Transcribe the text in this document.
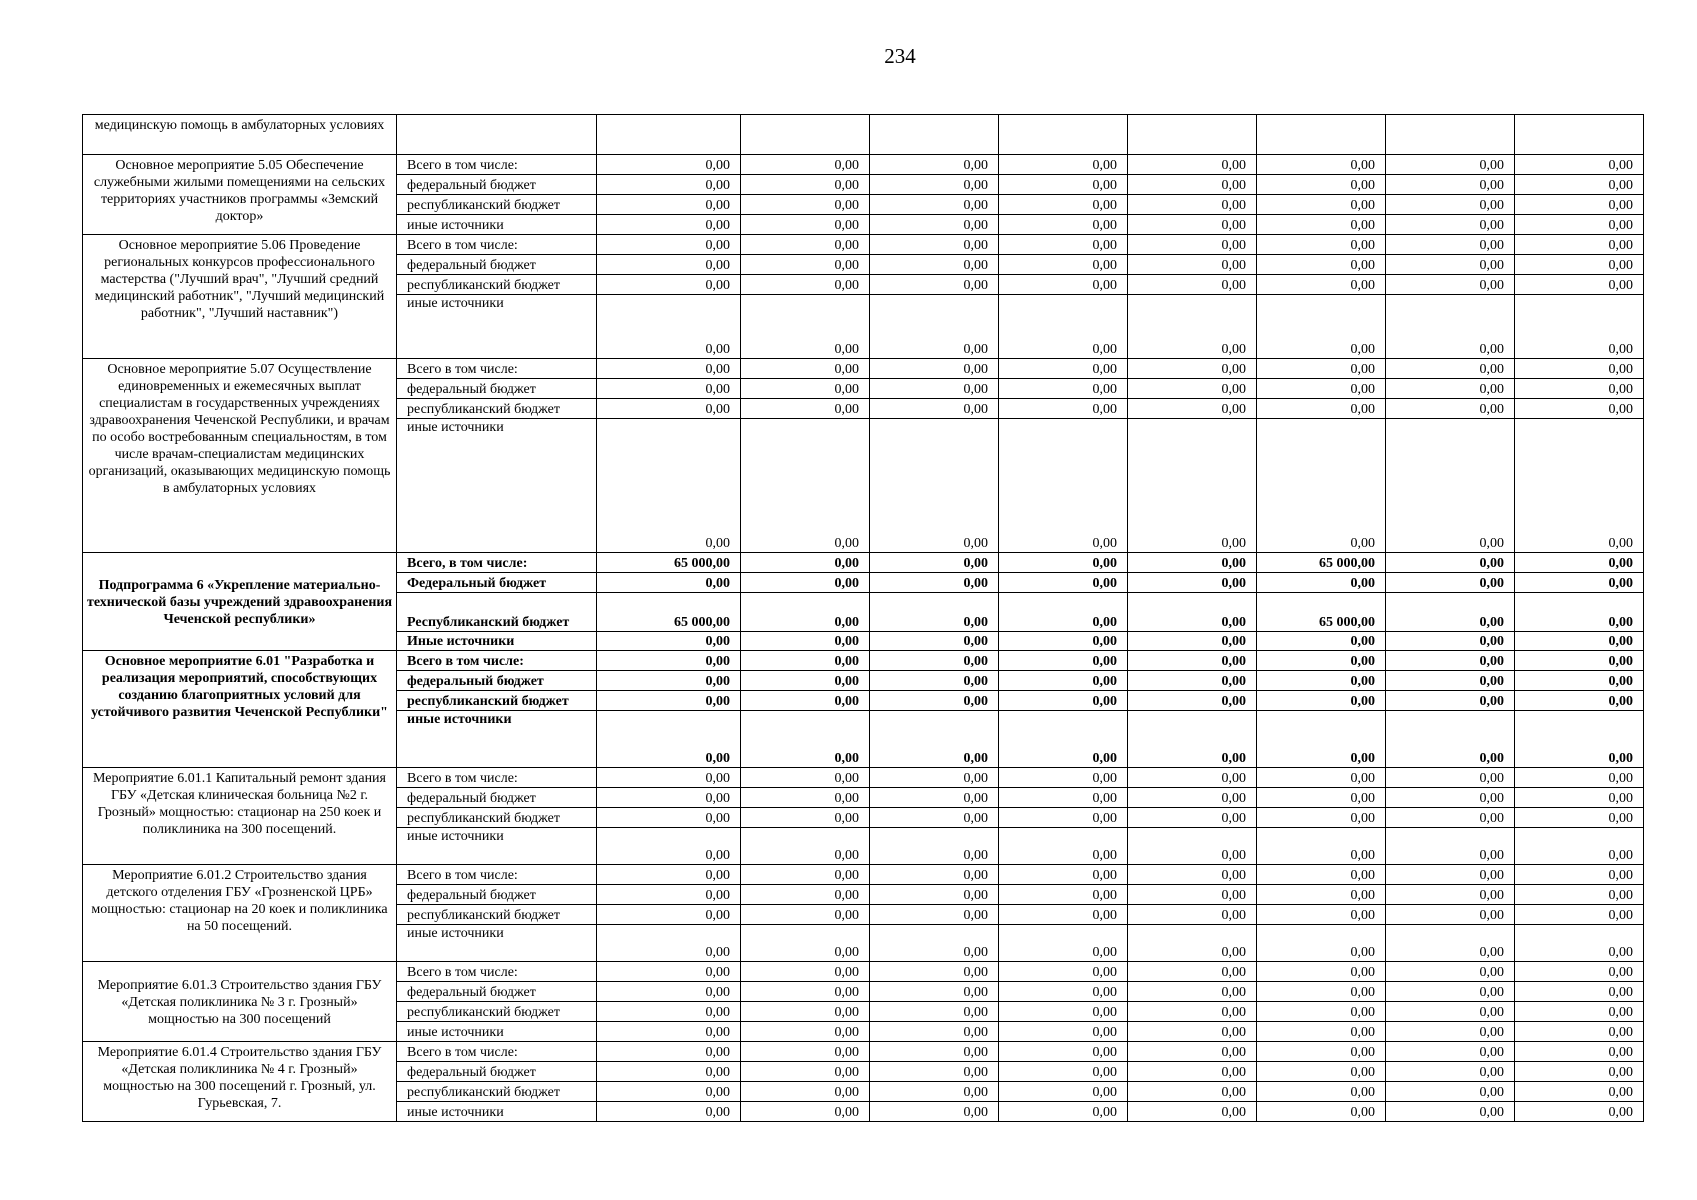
234
медицинскую помощь в амбулаторных условиях									
Основное мероприятие 5.05 Обеспечение служебными жилыми помещениями на сельских территориях участников программы «Земский доктор»	Всего в том числе:	0,00	0,00	0,00	0,00	0,00	0,00	0,00	0,00
	федеральный бюджет	0,00	0,00	0,00	0,00	0,00	0,00	0,00	0,00
	республиканский бюджет	0,00	0,00	0,00	0,00	0,00	0,00	0,00	0,00
	иные источники	0,00	0,00	0,00	0,00	0,00	0,00	0,00	0,00
Основное мероприятие 5.06 Проведение региональных конкурсов профессионального мастерства ("Лучший врач", "Лучший средний медицинский работник", "Лучший медицинский работник", "Лучший наставник")	Всего в том числе:	0,00	0,00	0,00	0,00	0,00	0,00	0,00	0,00
	федеральный бюджет	0,00	0,00	0,00	0,00	0,00	0,00	0,00	0,00
	республиканский бюджет	0,00	0,00	0,00	0,00	0,00	0,00	0,00	0,00
	иные источники	0,00	0,00	0,00	0,00	0,00	0,00	0,00	0,00
Основное мероприятие 5.07 Осуществление единовременных и ежемесячных выплат специалистам в государственных учреждениях здравоохранения Чеченской Республики, и врачам по особо востребованным специальностям, в том числе врачам-специалистам медицинских организаций, оказывающих медицинскую помощь в амбулаторных условиях	Всего в том числе:	0,00	0,00	0,00	0,00	0,00	0,00	0,00	0,00
	федеральный бюджет	0,00	0,00	0,00	0,00	0,00	0,00	0,00	0,00
	республиканский бюджет	0,00	0,00	0,00	0,00	0,00	0,00	0,00	0,00
	иные источники	0,00	0,00	0,00	0,00	0,00	0,00	0,00	0,00
Подпрограмма 6 «Укрепление материально-технической базы учреждений здравоохранения Чеченской республики»	Всего, в том числе:	65 000,00	0,00	0,00	0,00	0,00	65 000,00	0,00	0,00
	Федеральный бюджет	0,00	0,00	0,00	0,00	0,00	0,00	0,00	0,00
	Республиканский бюджет	65 000,00	0,00	0,00	0,00	0,00	65 000,00	0,00	0,00
	Иные источники	0,00	0,00	0,00	0,00	0,00	0,00	0,00	0,00
Основное мероприятие 6.01 "Разработка и реализация мероприятий, способствующих созданию благоприятных условий для устойчивого развития Чеченской Республики"	Всего в том числе:	0,00	0,00	0,00	0,00	0,00	0,00	0,00	0,00
	федеральный бюджет	0,00	0,00	0,00	0,00	0,00	0,00	0,00	0,00
	республиканский бюджет	0,00	0,00	0,00	0,00	0,00	0,00	0,00	0,00
	иные источники	0,00	0,00	0,00	0,00	0,00	0,00	0,00	0,00
Мероприятие 6.01.1 Капитальный ремонт здания ГБУ «Детская клиническая больница №2 г. Грозный» мощностью: стационар на 250 коек и поликлиника на 300 посещений.	Всего в том числе:	0,00	0,00	0,00	0,00	0,00	0,00	0,00	0,00
	федеральный бюджет	0,00	0,00	0,00	0,00	0,00	0,00	0,00	0,00
	республиканский бюджет	0,00	0,00	0,00	0,00	0,00	0,00	0,00	0,00
	иные источники	0,00	0,00	0,00	0,00	0,00	0,00	0,00	0,00
Мероприятие 6.01.2 Строительство здания детского отделения ГБУ «Грозненской ЦРБ» мощностью: стационар на 20 коек и поликлиника на 50 посещений.	Всего в том числе:	0,00	0,00	0,00	0,00	0,00	0,00	0,00	0,00
	федеральный бюджет	0,00	0,00	0,00	0,00	0,00	0,00	0,00	0,00
	республиканский бюджет	0,00	0,00	0,00	0,00	0,00	0,00	0,00	0,00
	иные источники	0,00	0,00	0,00	0,00	0,00	0,00	0,00	0,00
Мероприятие 6.01.3 Строительство здания ГБУ «Детская поликлиника № 3 г. Грозный» мощностью на 300 посещений	Всего в том числе:	0,00	0,00	0,00	0,00	0,00	0,00	0,00	0,00
	федеральный бюджет	0,00	0,00	0,00	0,00	0,00	0,00	0,00	0,00
	республиканский бюджет	0,00	0,00	0,00	0,00	0,00	0,00	0,00	0,00
	иные источники	0,00	0,00	0,00	0,00	0,00	0,00	0,00	0,00
Мероприятие 6.01.4 Строительство здания ГБУ «Детская поликлиника № 4 г. Грозный» мощностью на 300 посещений г. Грозный, ул. Гурьевская, 7.	Всего в том числе:	0,00	0,00	0,00	0,00	0,00	0,00	0,00	0,00
	федеральный бюджет	0,00	0,00	0,00	0,00	0,00	0,00	0,00	0,00
	республиканский бюджет	0,00	0,00	0,00	0,00	0,00	0,00	0,00	0,00
	иные источники	0,00	0,00	0,00	0,00	0,00	0,00	0,00	0,00
